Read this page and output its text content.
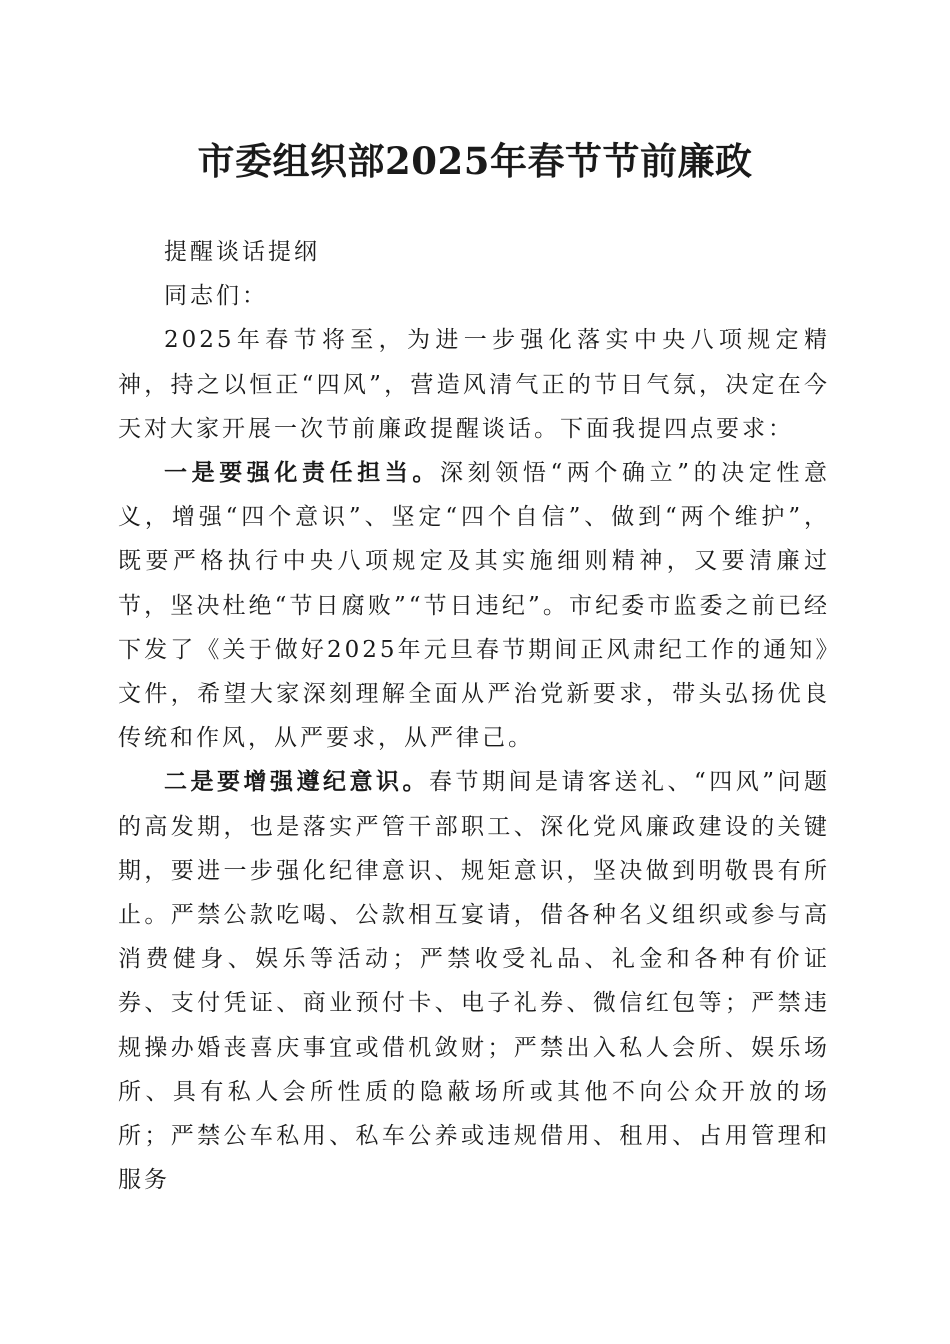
市委组织部2025年春节节前廉政

提醒谈话提纲

同志们：

2025年春节将至，为进一步强化落实中央八项规定精神，持之以恒正“四风”，营造风清气正的节日气氛，决定在今天对大家开展一次节前廉政提醒谈话。下面我提四点要求：

一是要强化责任担当。深刻领悟“两个确立”的决定性意义，增强“四个意识”、坚定“四个自信”、做到“两个维护”，既要严格执行中央八项规定及其实施细则精神，又要清廉过节，坚决杜绝“节日腐败”“节日违纪”。市纪委市监委之前已经下发了《关于做好2025年元旦春节期间正风肃纪工作的通知》文件，希望大家深刻理解全面从严治党新要求，带头弘扬优良传统和作风，从严要求，从严律己。

二是要增强遵纪意识。春节期间是请客送礼、“四风”问题的高发期，也是落实严管干部职工、深化党风廉政建设的关键期，要进一步强化纪律意识、规矩意识，坚决做到明敬畏有所止。严禁公款吃喝、公款相互宴请，借各种名义组织或参与高消费健身、娱乐等活动；严禁收受礼品、礼金和各种有价证券、支付凭证、商业预付卡、电子礼券、微信红包等；严禁违规操办婚丧喜庆事宜或借机敛财；严禁出入私人会所、娱乐场所、具有私人会所性质的隐蔽场所或其他不向公众开放的场所；严禁公车私用、私车公养或违规借用、租用、占用管理和服务
